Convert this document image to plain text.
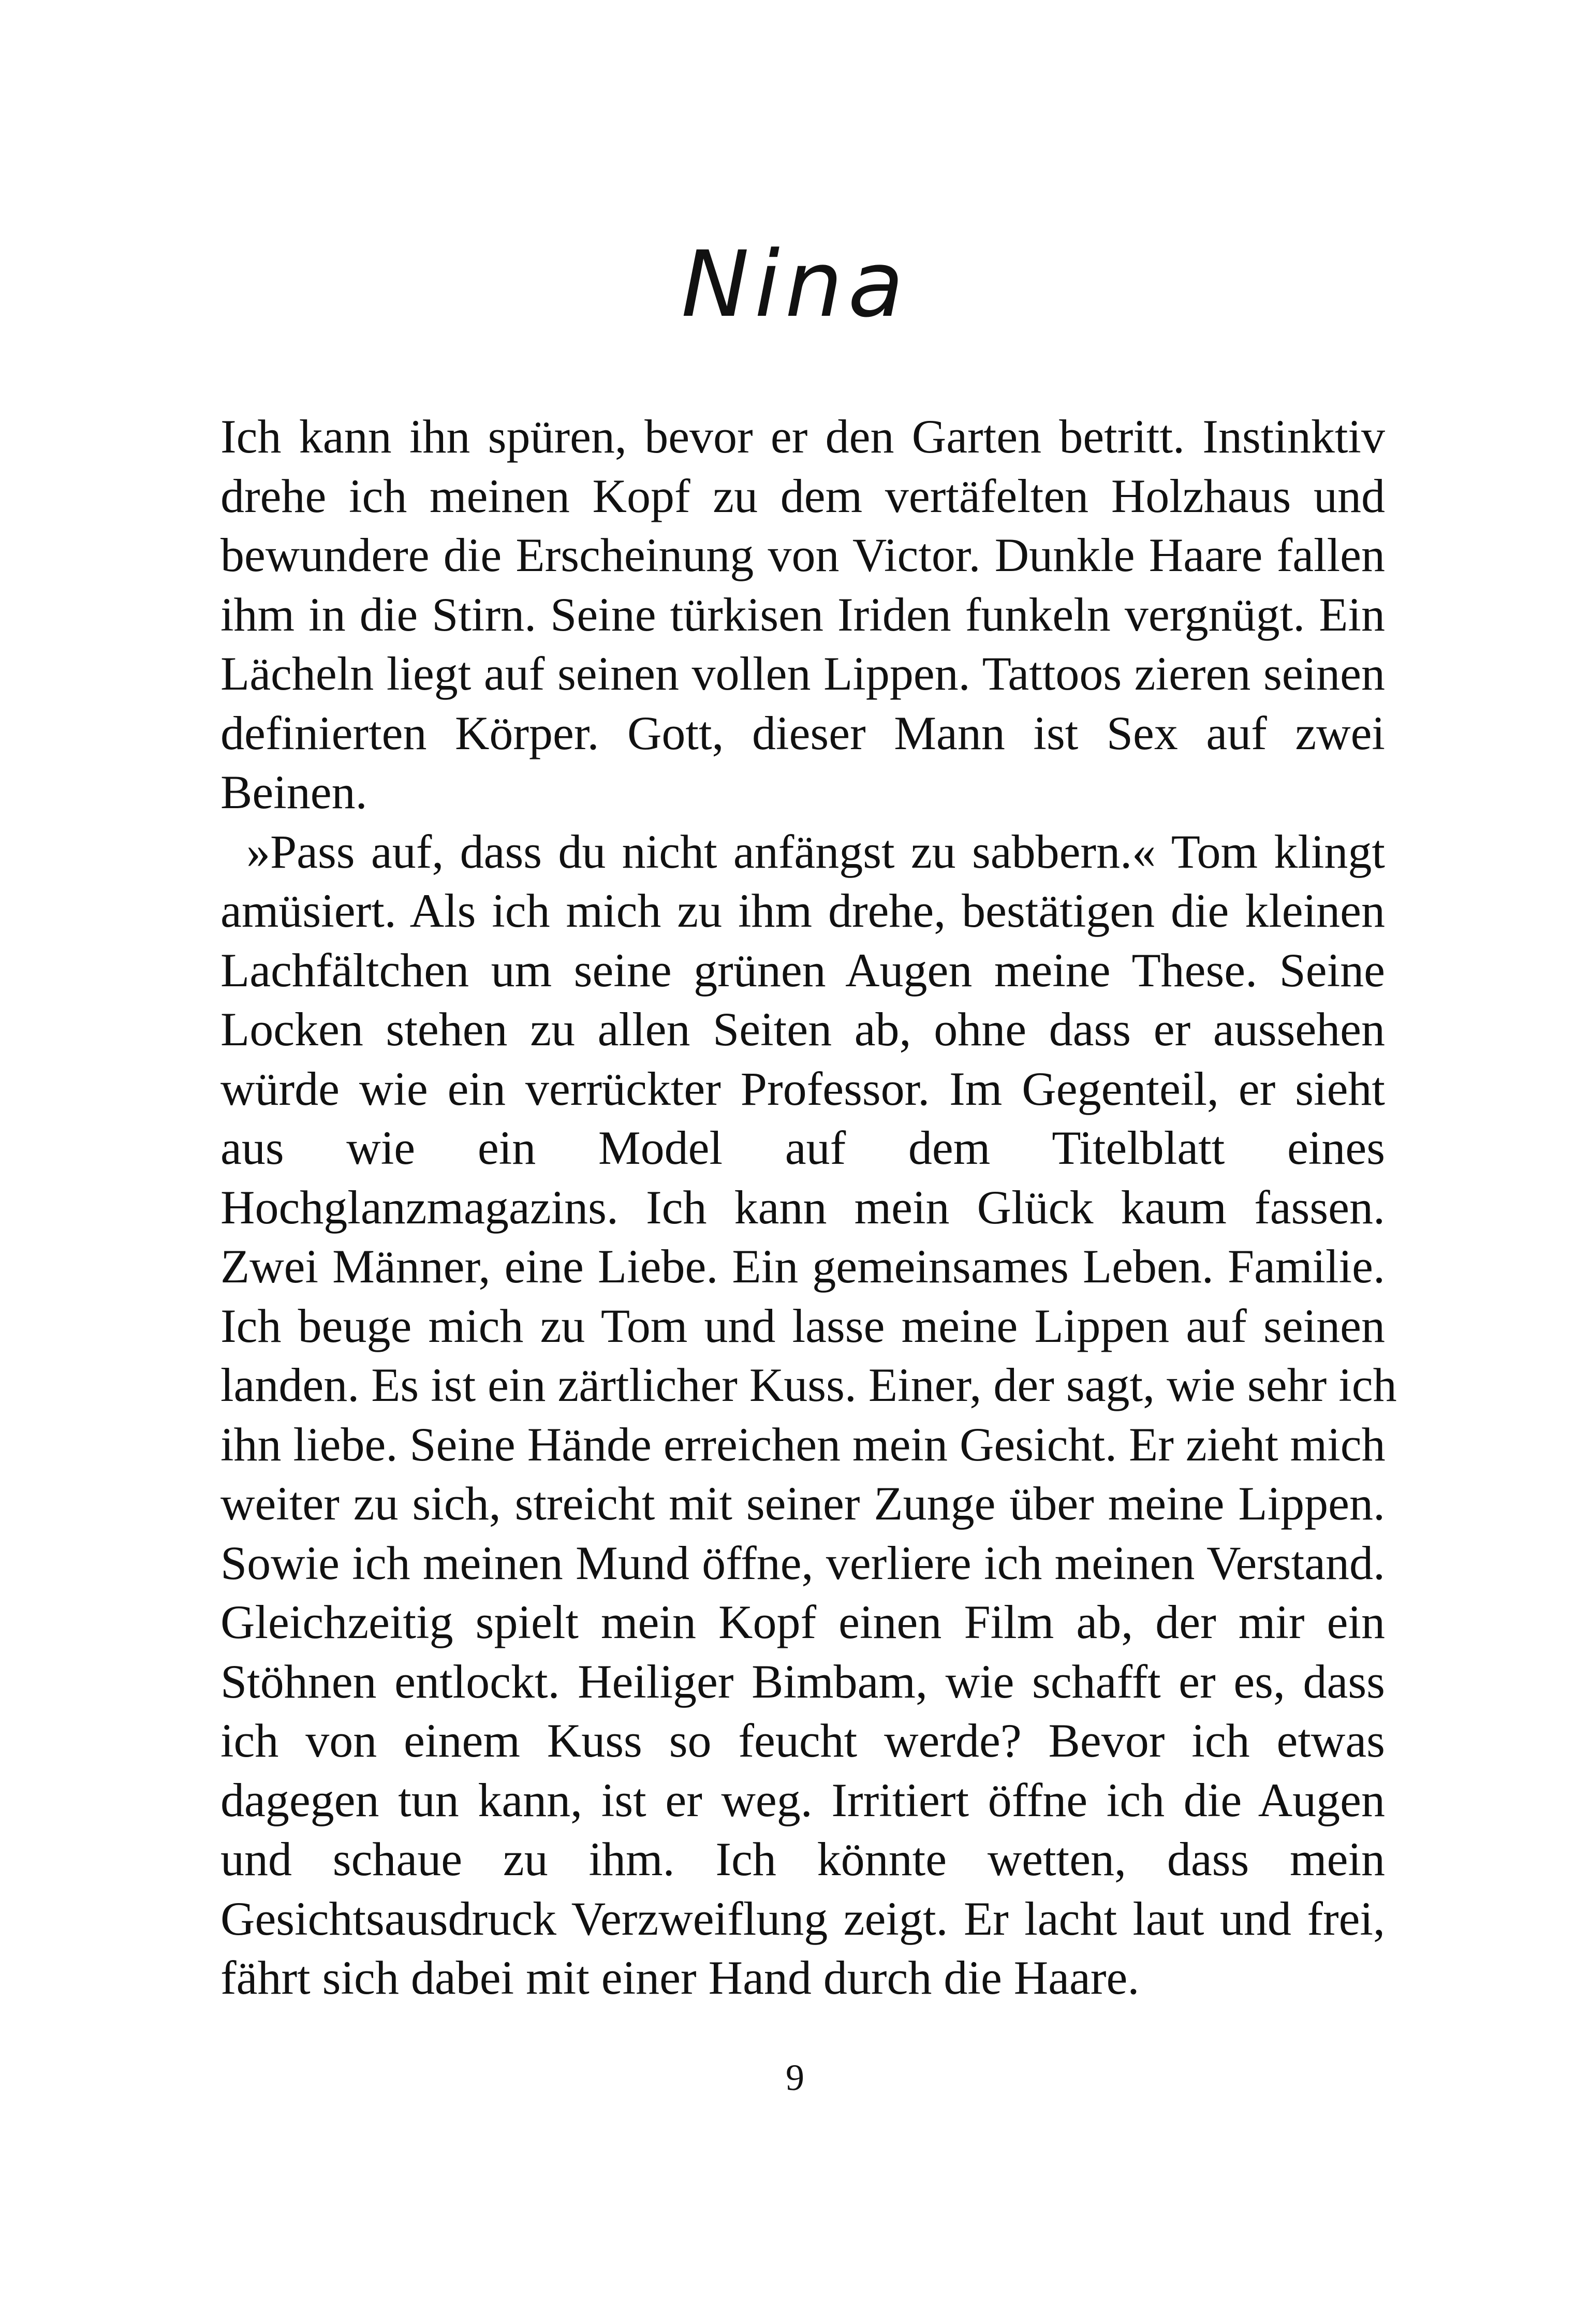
Nina
Ich kann ihn spüren, bevor er den Garten betritt. Instinktiv
drehe ich meinen Kopf zu dem vertäfelten Holzhaus und
bewundere die Erscheinung von Victor. Dunkle Haare fallen
ihm in die Stirn. Seine türkisen Iriden funkeln vergnügt. Ein
Lächeln liegt auf seinen vollen Lippen. Tattoos zieren seinen
definierten Körper. Gott, dieser Mann ist Sex auf zwei
Beinen.
»Pass auf, dass du nicht anfängst zu sabbern.« Tom klingt
amüsiert. Als ich mich zu ihm drehe, bestätigen die kleinen
Lachfältchen um seine grünen Augen meine These. Seine
Locken stehen zu allen Seiten ab, ohne dass er aussehen
würde wie ein verrückter Professor. Im Gegenteil, er sieht
aus wie ein Model auf dem Titelblatt eines
Hochglanzmagazins. Ich kann mein Glück kaum fassen.
Zwei Männer, eine Liebe. Ein gemeinsames Leben. Familie.
Ich beuge mich zu Tom und lasse meine Lippen auf seinen
landen. Es ist ein zärtlicher Kuss. Einer, der sagt, wie sehr ich
ihn liebe. Seine Hände erreichen mein Gesicht. Er zieht mich
weiter zu sich, streicht mit seiner Zunge über meine Lippen.
Sowie ich meinen Mund öffne, verliere ich meinen Verstand.
Gleichzeitig spielt mein Kopf einen Film ab, der mir ein
Stöhnen entlockt. Heiliger Bimbam, wie schafft er es, dass
ich von einem Kuss so feucht werde? Bevor ich etwas
dagegen tun kann, ist er weg. Irritiert öffne ich die Augen
und schaue zu ihm. Ich könnte wetten, dass mein
Gesichtsausdruck Verzweiflung zeigt. Er lacht laut und frei,
fährt sich dabei mit einer Hand durch die Haare.
9
